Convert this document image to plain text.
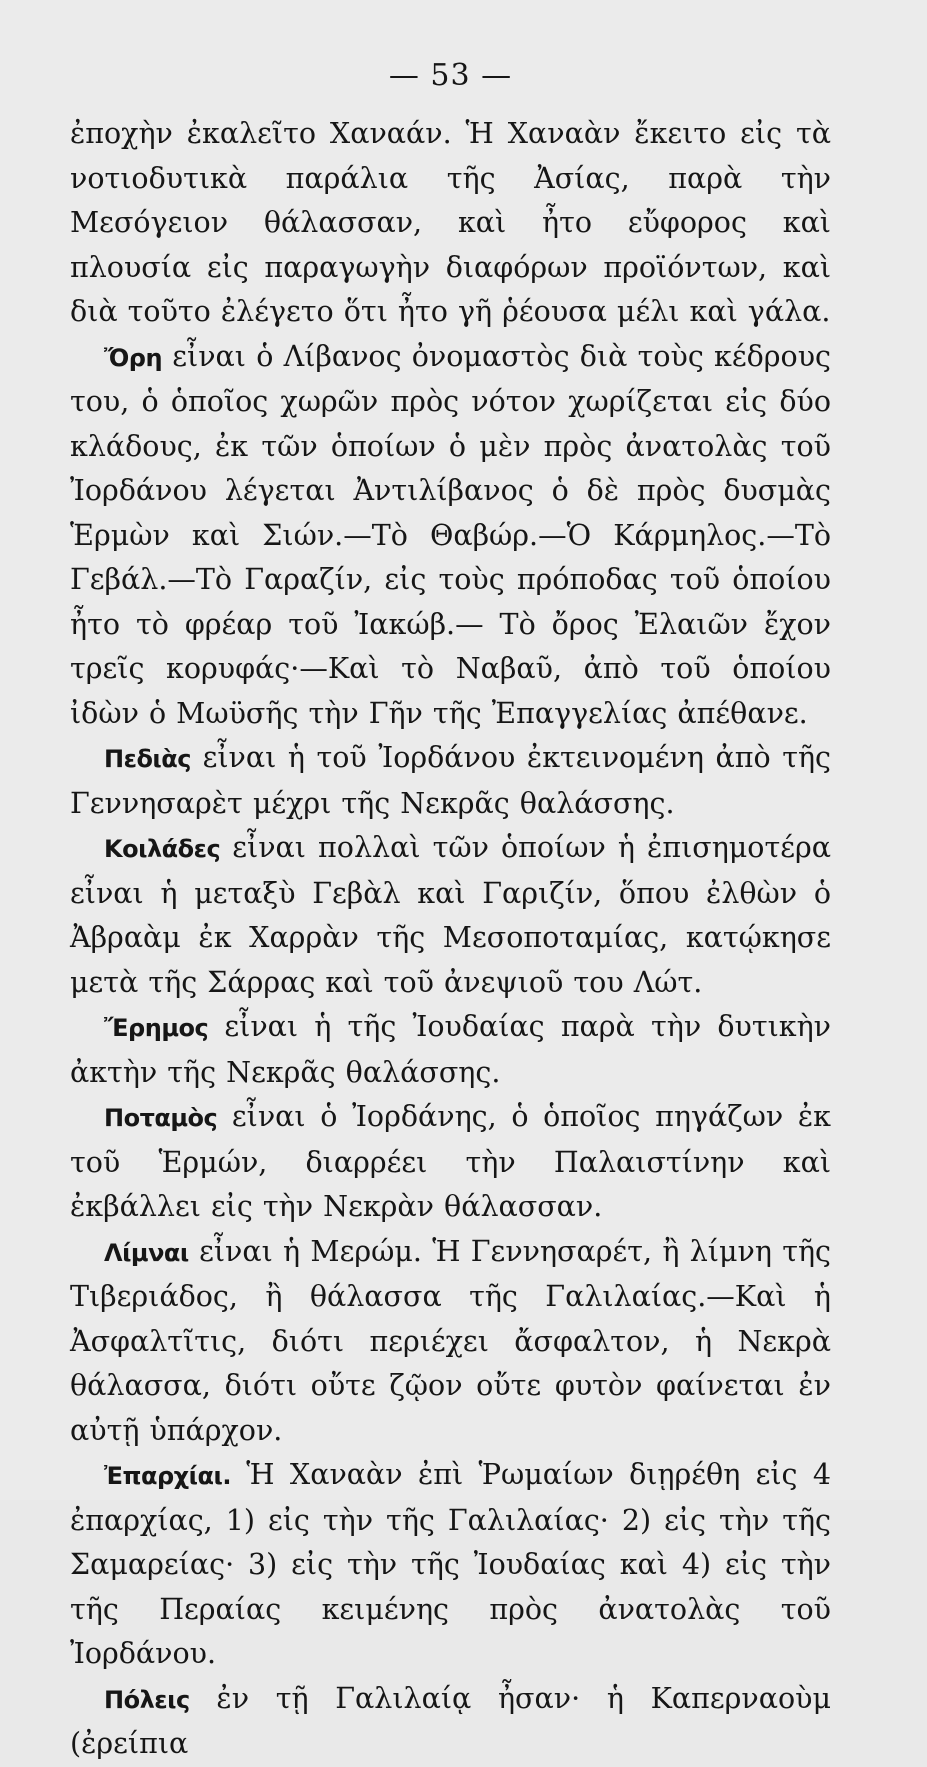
— 53 —

ἐποχὴν ἐκαλεῖτο Χαναάν. Ἡ Χαναὰν ἔκειτο εἰς τὰ νοτιοδυτικὰ παράλια τῆς Ἀσίας, παρὰ τὴν Μεσόγειον θάλασσαν, καὶ ἦτο εὔφορος καὶ πλουσία εἰς παραγωγὴν διαφόρων προϊόντων, καὶ διὰ τοῦτο ἐλέγετο ὅτι ἦτο γῆ ῥέουσα μέλι καὶ γάλα.

Ὄρη εἶναι ὁ Λίβανος ὀνομαστὸς διὰ τοὺς κέδρους του, ὁ ὁποῖος χωρῶν πρὸς νότον χωρίζεται εἰς δύο κλάδους, ἐκ τῶν ὁποίων ὁ μὲν πρὸς ἀνατολὰς τοῦ Ἰορδάνου λέγεται Ἀντιλίβανος ὁ δὲ πρὸς δυσμὰς Ἑρμὼν καὶ Σιών.—Τὸ Θαβώρ.—Ὁ Κάρμηλος.—Τὸ Γεβάλ.—Τὸ Γαραζίν, εἰς τοὺς πρόποδας τοῦ ὁποίου ἦτο τὸ φρέαρ τοῦ Ἰακώβ.— Τὸ ὄρος Ἐλαιῶν ἔχον τρεῖς κορυφάς·—Καὶ τὸ Ναβαῦ, ἀπὸ τοῦ ὁποίου ἰδὼν ὁ Μωϋσῆς τὴν Γῆν τῆς Ἐπαγγελίας ἀπέθανε.

Πεδιὰς εἶναι ἡ τοῦ Ἰορδάνου ἐκτεινομένη ἀπὸ τῆς Γεννησαρὲτ μέχρι τῆς Νεκρᾶς θαλάσσης.

Κοιλάδες εἶναι πολλαὶ τῶν ὁποίων ἡ ἐπισημοτέρα εἶναι ἡ μεταξὺ Γεβὰλ καὶ Γαριζίν, ὅπου ἐλθὼν ὁ Ἀβραὰμ ἐκ Χαρρὰν τῆς Μεσοποταμίας, κατῴκησε μετὰ τῆς Σάρρας καὶ τοῦ ἀνεψιοῦ του Λώτ.

Ἔρημος εἶναι ἡ τῆς Ἰουδαίας παρὰ τὴν δυτικὴν ἀκτὴν τῆς Νεκρᾶς θαλάσσης.

Ποταμὸς εἶναι ὁ Ἰορδάνης, ὁ ὁποῖος πηγάζων ἐκ τοῦ Ἑρμών, διαρρέει τὴν Παλαιστίνην καὶ ἐκβάλλει εἰς τὴν Νεκρὰν θάλασσαν.

Λίμναι εἶναι ἡ Μερώμ. Ἡ Γεννησαρέτ, ἢ λίμνη τῆς Τιβεριάδος, ἢ θάλασσα τῆς Γαλιλαίας.—Καὶ ἡ Ἀσφαλτῖτις, διότι περιέχει ἄσφαλτον, ἡ Νεκρὰ θάλασσα, διότι οὔτε ζῷον οὔτε φυτὸν φαίνεται ἐν αὐτῇ ὑπάρχον.

Ἐπαρχίαι. Ἡ Χαναὰν ἐπὶ Ῥωμαίων διῃρέθη εἰς 4 ἐπαρχίας, 1) εἰς τὴν τῆς Γαλιλαίας· 2) εἰς τὴν τῆς Σαμαρείας· 3) εἰς τὴν τῆς Ἰουδαίας καὶ 4) εἰς τὴν τῆς Περαίας κειμένης πρὸς ἀνατολὰς τοῦ Ἰορδάνου.

Πόλεις ἐν τῇ Γαλιλαίᾳ ἦσαν· ἡ Καπερναοὺμ (ἐρείπια
